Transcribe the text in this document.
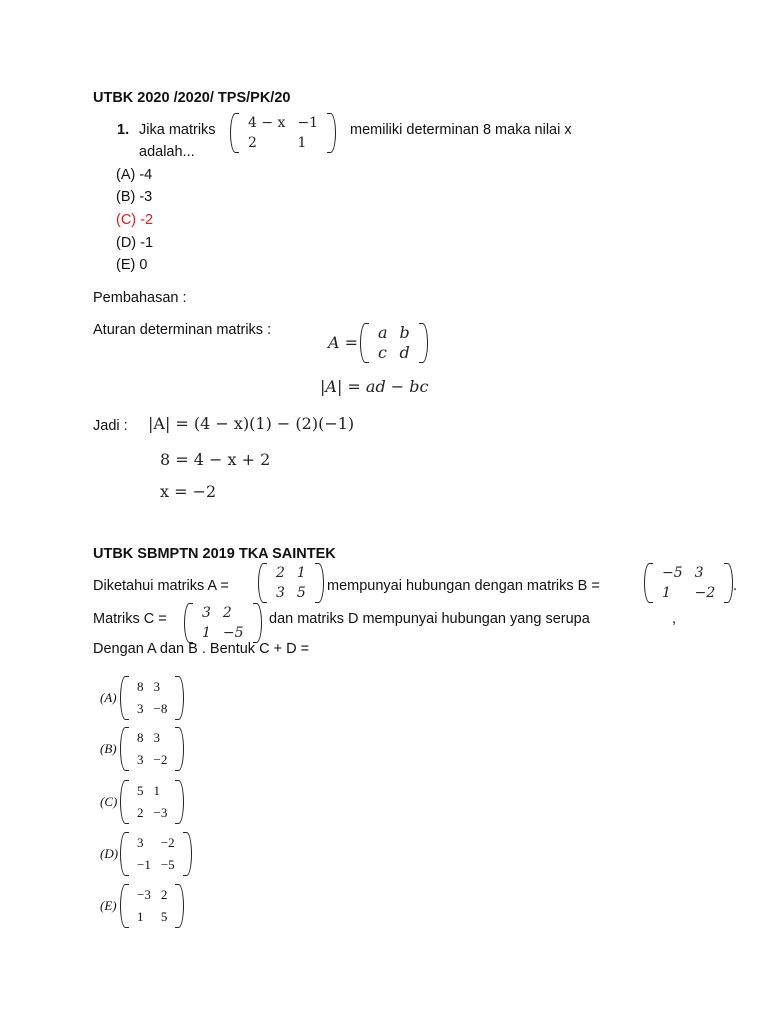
UTBK 2020 /2020/ TPS/PK/20
1. Jika matriks 4 − x	−1
2	1
memiliki determinan 8 maka nilai x
adalah...
(A) -4
(B) -3
(C) -2
(D) -1
(E) 0
Pembahasan :
Aturan determinan matriks :
A =
a	b
c	d
|A| = ad − bc
Jadi : |A| = (4 − x)(1) − (2)(−1)
8 = 4 − x + 2
x = −2
UTBK SBMPTN 2019 TKA SAINTEK
Diketahui matriks A =
2	1
3	5 mempunyai hubungan dengan matriks B =
−5	3
1	−2 .
Matriks C =	3	2
1	−5
dan matriks D mempunyai hubungan yang serupa	,
Dengan A dan B . Bentuk C + D =
(A)
8	3
3	−8
(B)
8	3
3	−2
(C)
5	1
2	−3
(D)
3	−2
−1	−5
(E)
−3	2
1	5
